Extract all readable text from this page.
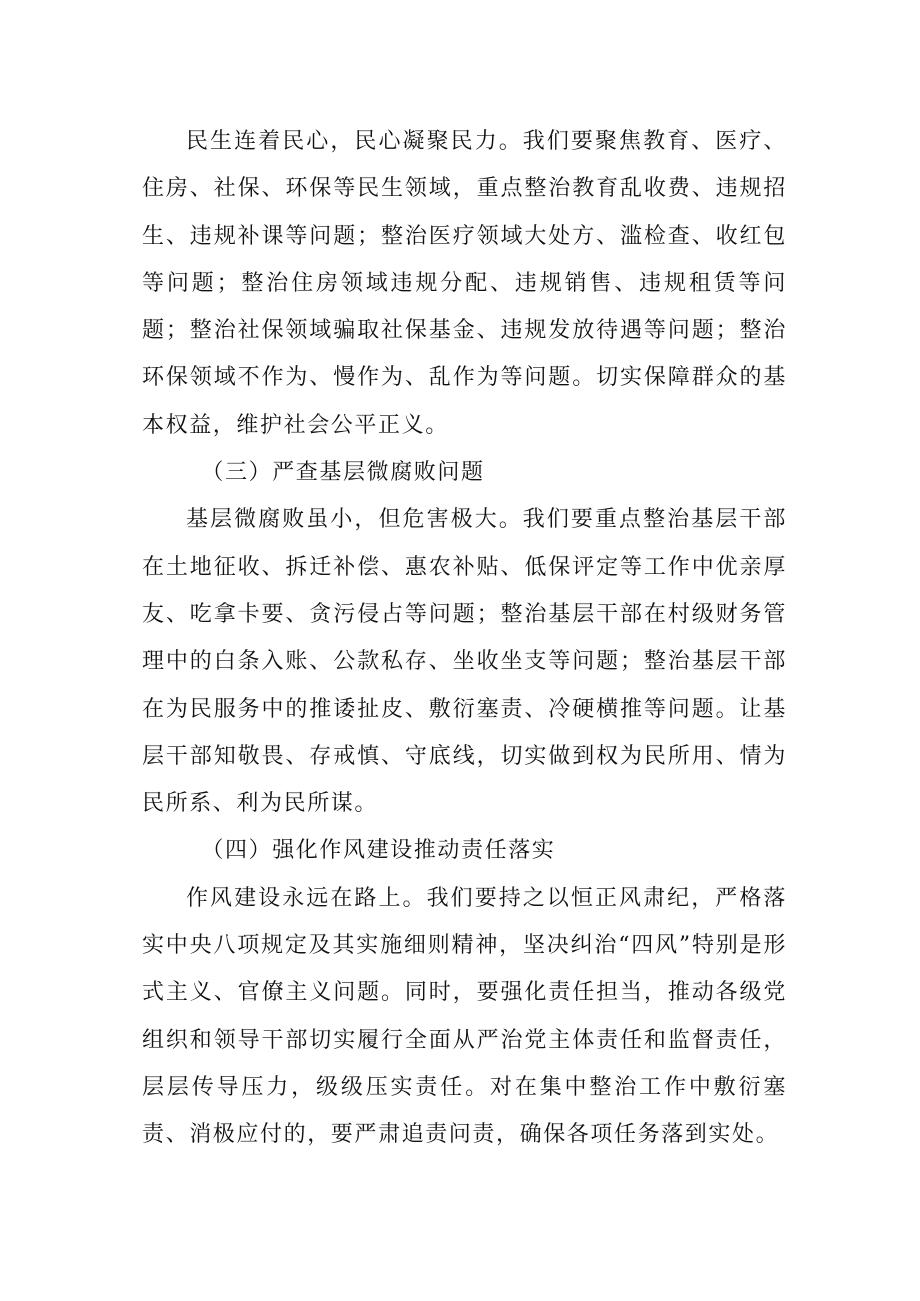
民生连着民心，民心凝聚民力。我们要聚焦教育、医疗、住房、社保、环保等民生领域，重点整治教育乱收费、违规招生、违规补课等问题；整治医疗领域大处方、滥检查、收红包等问题；整治住房领域违规分配、违规销售、违规租赁等问题；整治社保领域骗取社保基金、违规发放待遇等问题；整治环保领域不作为、慢作为、乱作为等问题。切实保障群众的基本权益，维护社会公平正义。

（三）严查基层微腐败问题

基层微腐败虽小，但危害极大。我们要重点整治基层干部在土地征收、拆迁补偿、惠农补贴、低保评定等工作中优亲厚友、吃拿卡要、贪污侵占等问题；整治基层干部在村级财务管理中的白条入账、公款私存、坐收坐支等问题；整治基层干部在为民服务中的推诿扯皮、敷衍塞责、冷硬横推等问题。让基层干部知敬畏、存戒慎、守底线，切实做到权为民所用、情为民所系、利为民所谋。

（四）强化作风建设推动责任落实

作风建设永远在路上。我们要持之以恒正风肃纪，严格落实中央八项规定及其实施细则精神，坚决纠治“四风”特别是形式主义、官僚主义问题。同时，要强化责任担当，推动各级党组织和领导干部切实履行全面从严治党主体责任和监督责任，层层传导压力，级级压实责任。对在集中整治工作中敷衍塞责、消极应付的，要严肃追责问责，确保各项任务落到实处。
